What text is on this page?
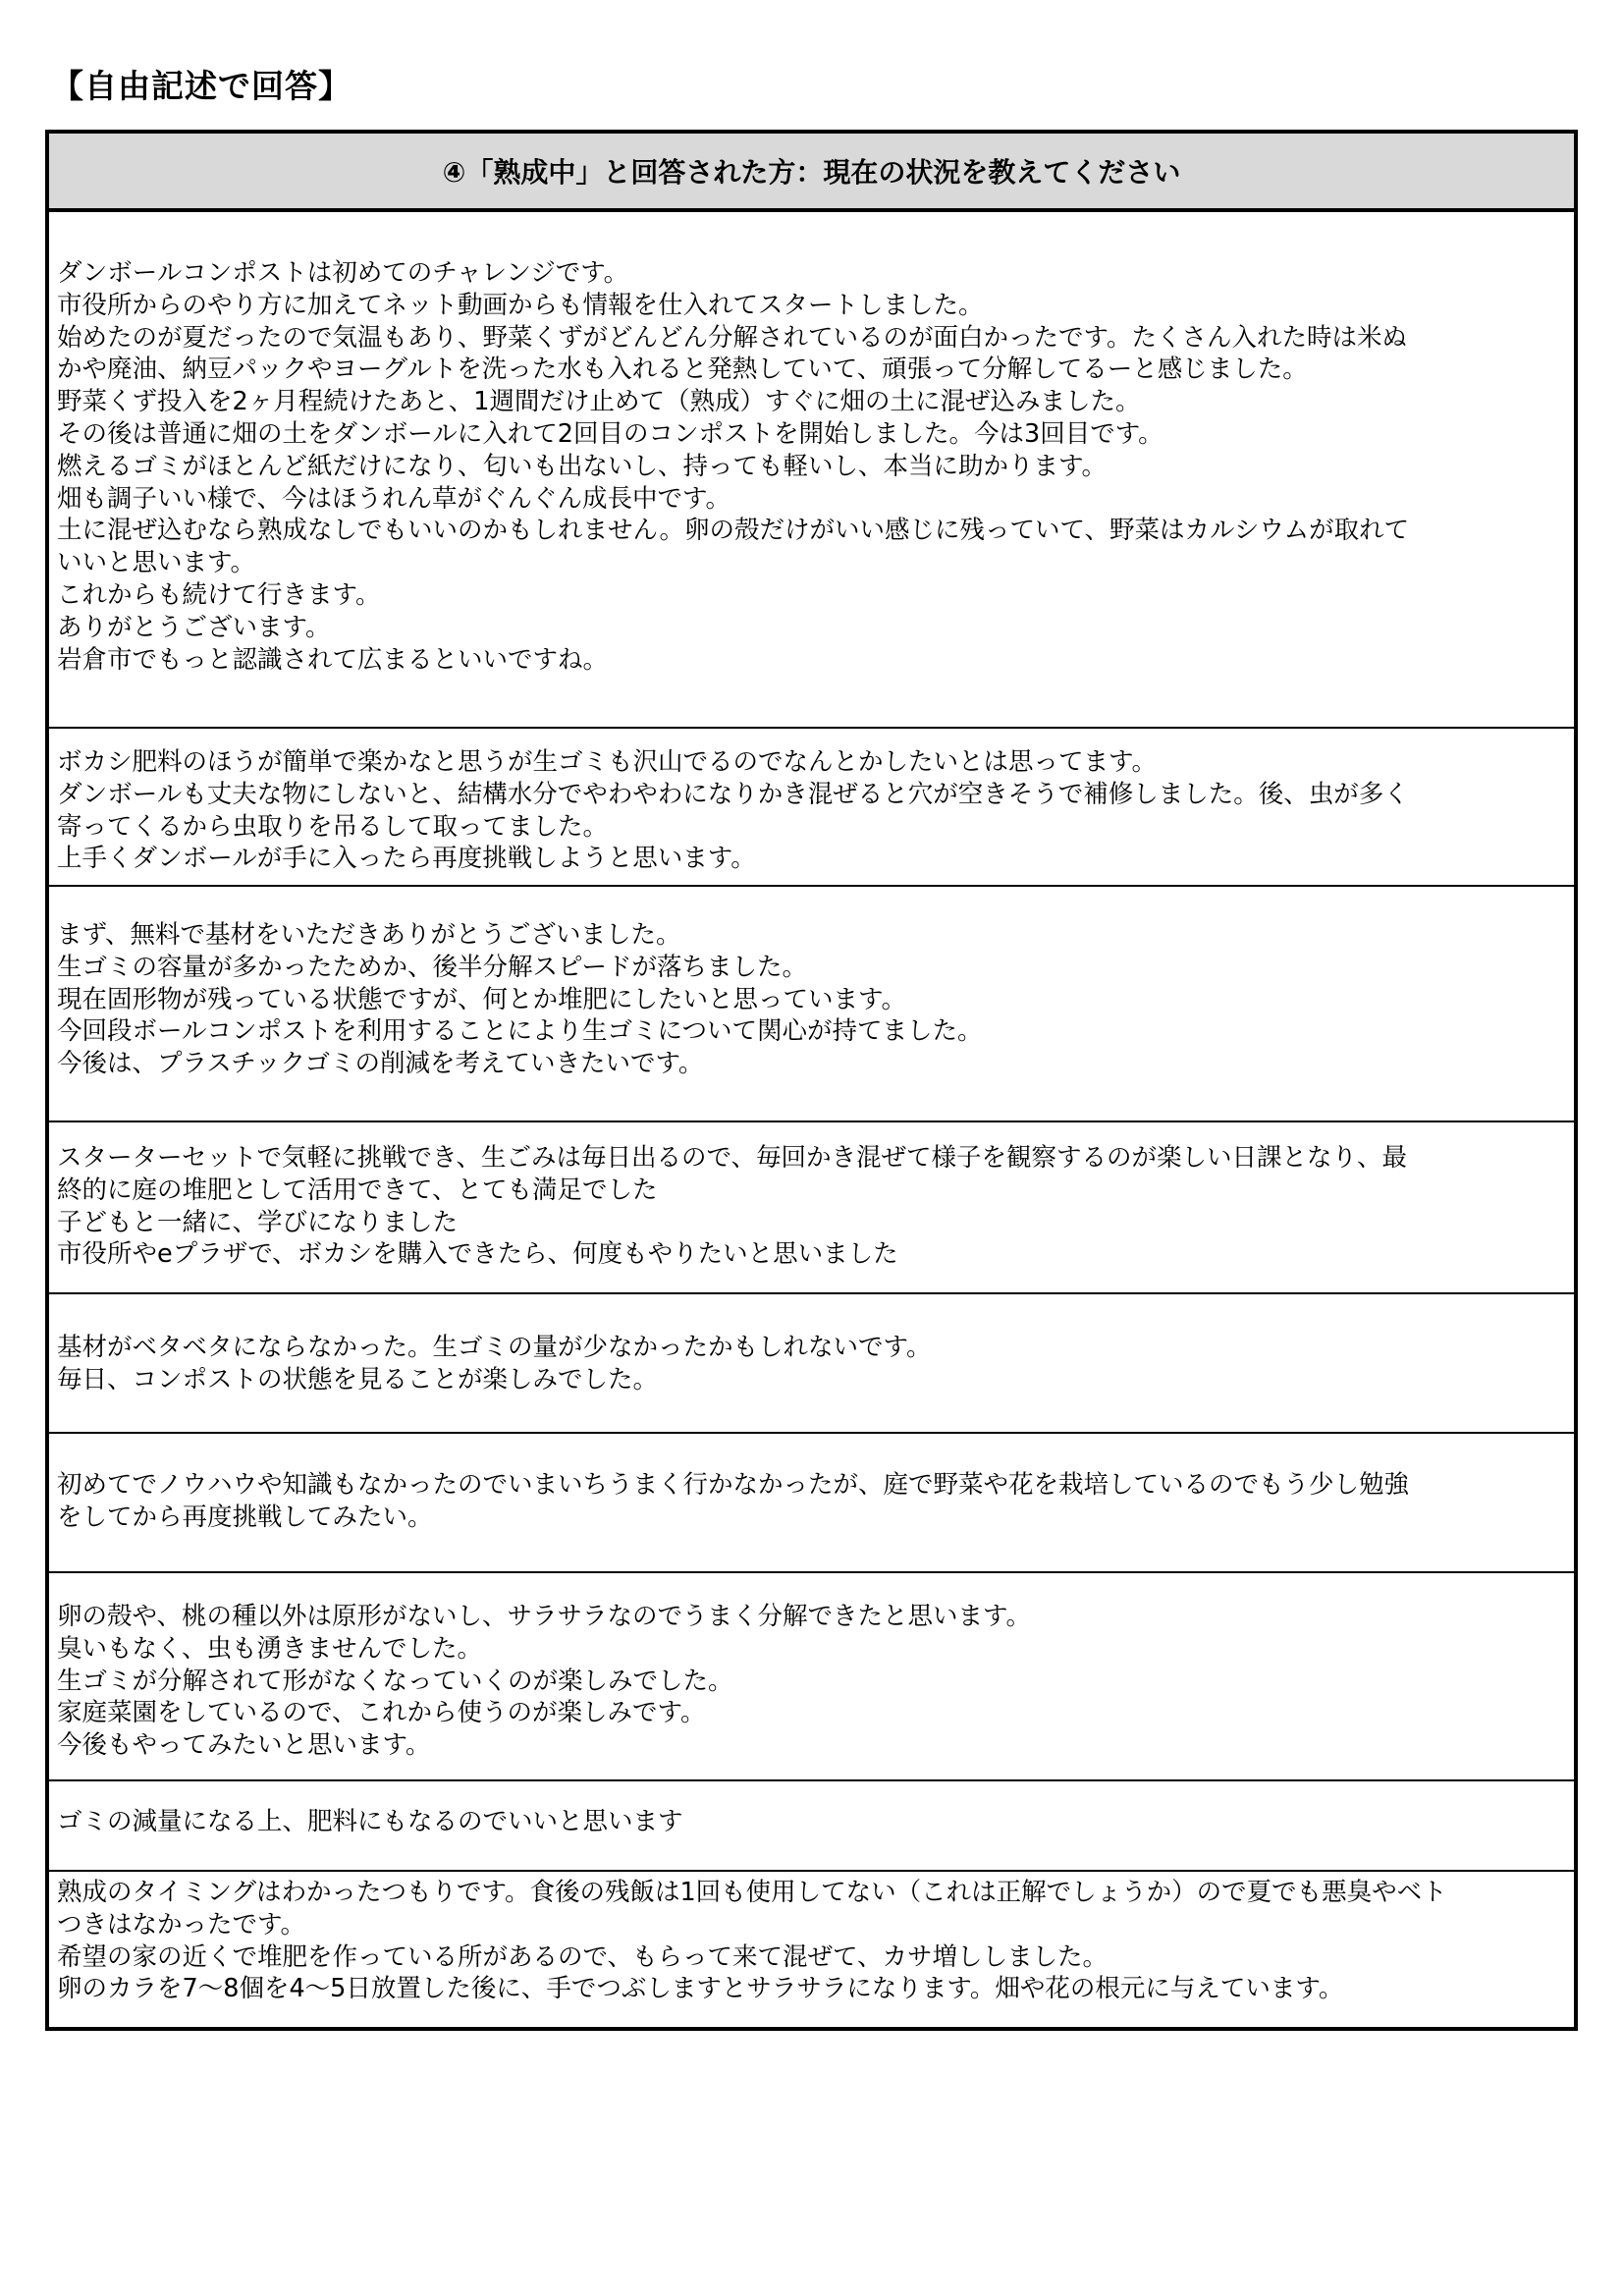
【自由記述で回答】
④「熟成中」と回答された方：現在の状況を教えてください
ダンボールコンポストは初めてのチャレンジです。
市役所からのやり方に加えてネット動画からも情報を仕入れてスタートしました。
始めたのが夏だったので気温もあり、野菜くずがどんどん分解されているのが面白かったです。たくさん入れた時は米ぬ
かや廃油、納豆パックやヨーグルトを洗った水も入れると発熱していて、頑張って分解してるーと感じました。
野菜くず投入を2ヶ月程続けたあと、1週間だけ止めて（熟成）すぐに畑の土に混ぜ込みました。
その後は普通に畑の土をダンボールに入れて2回目のコンポストを開始しました。今は3回目です。
燃えるゴミがほとんど紙だけになり、匂いも出ないし、持っても軽いし、本当に助かります。
畑も調子いい様で、今はほうれん草がぐんぐん成長中です。
土に混ぜ込むなら熟成なしでもいいのかもしれません。卵の殻だけがいい感じに残っていて、野菜はカルシウムが取れて
いいと思います。
これからも続けて行きます。
ありがとうございます。
岩倉市でもっと認識されて広まるといいですね。
ボカシ肥料のほうが簡単で楽かなと思うが生ゴミも沢山でるのでなんとかしたいとは思ってます。
ダンボールも丈夫な物にしないと、結構水分でやわやわになりかき混ぜると穴が空きそうで補修しました。後、虫が多く
寄ってくるから虫取りを吊るして取ってました。
上手くダンボールが手に入ったら再度挑戦しようと思います。
まず、無料で基材をいただきありがとうございました。
生ゴミの容量が多かったためか、後半分解スピードが落ちました。
現在固形物が残っている状態ですが、何とか堆肥にしたいと思っています。
今回段ボールコンポストを利用することにより生ゴミについて関心が持てました。
今後は、プラスチックゴミの削減を考えていきたいです。
スターターセットで気軽に挑戦でき、生ごみは毎日出るので、毎回かき混ぜて様子を観察するのが楽しい日課となり、最
終的に庭の堆肥として活用できて、とても満足でした
子どもと一緒に、学びになりました
市役所やeプラザで、ボカシを購入できたら、何度もやりたいと思いました
基材がベタベタにならなかった。生ゴミの量が少なかったかもしれないです。
毎日、コンポストの状態を見ることが楽しみでした。
初めてでノウハウや知識もなかったのでいまいちうまく行かなかったが、庭で野菜や花を栽培しているのでもう少し勉強
をしてから再度挑戦してみたい。
卵の殻や、桃の種以外は原形がないし、サラサラなのでうまく分解できたと思います。
臭いもなく、虫も湧きませんでした。
生ゴミが分解されて形がなくなっていくのが楽しみでした。
家庭菜園をしているので、これから使うのが楽しみです。
今後もやってみたいと思います。
ゴミの減量になる上、肥料にもなるのでいいと思います
熟成のタイミングはわかったつもりです。食後の残飯は1回も使用してない（これは正解でしょうか）ので夏でも悪臭やベト
つきはなかったです。
希望の家の近くで堆肥を作っている所があるので、もらって来て混ぜて、カサ増ししました。
卵のカラを7～8個を4～5日放置した後に、手でつぶしますとサラサラになります。畑や花の根元に与えています。
